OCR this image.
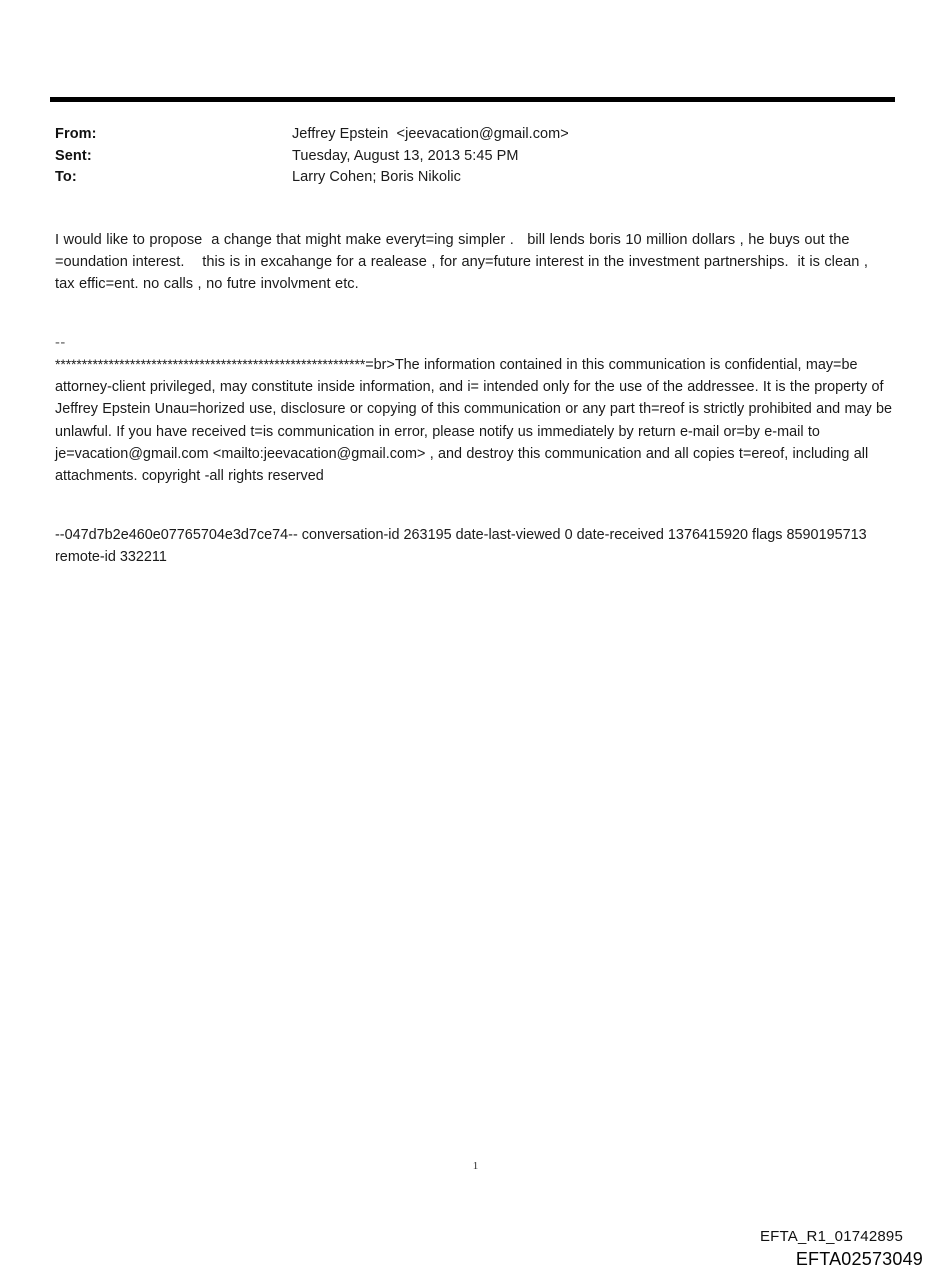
From:	Jeffrey Epstein  <jeevacation@gmail.com>
Sent:	Tuesday, August 13, 2013 5:45 PM
To:	Larry Cohen; Boris Nikolic
I would like to propose  a change that might make everyt=ing simpler .   bill lends boris 10 million dollars , he buys out the =oundation interest.    this is in excahange for a realease , for any=future interest in the investment partnerships.  it is clean , tax effic=ent. no calls , no futre involvment etc.
--
**********************************************************=br>The information contained in this communication is confidential, may=be attorney-client privileged, may constitute inside information, and i= intended only for the use of the addressee. It is the property of Jeffrey Epstein Unau=horized use, disclosure or copying of this communication or any part th=reof is strictly prohibited and may be unlawful. If you have received t=is communication in error, please notify us immediately by return e-mail or=by e-mail to je=vacation@gmail.com <mailto:jeevacation@gmail.com> , and destroy this communication and all copies t=ereof, including all attachments. copyright -all rights reserved
--047d7b2e460e07765704e3d7ce74-- conversation-id 263195 date-last-viewed 0 date-received 1376415920 flags 8590195713 remote-id 332211
1
EFTA_R1_01742895
EFTA02573049
